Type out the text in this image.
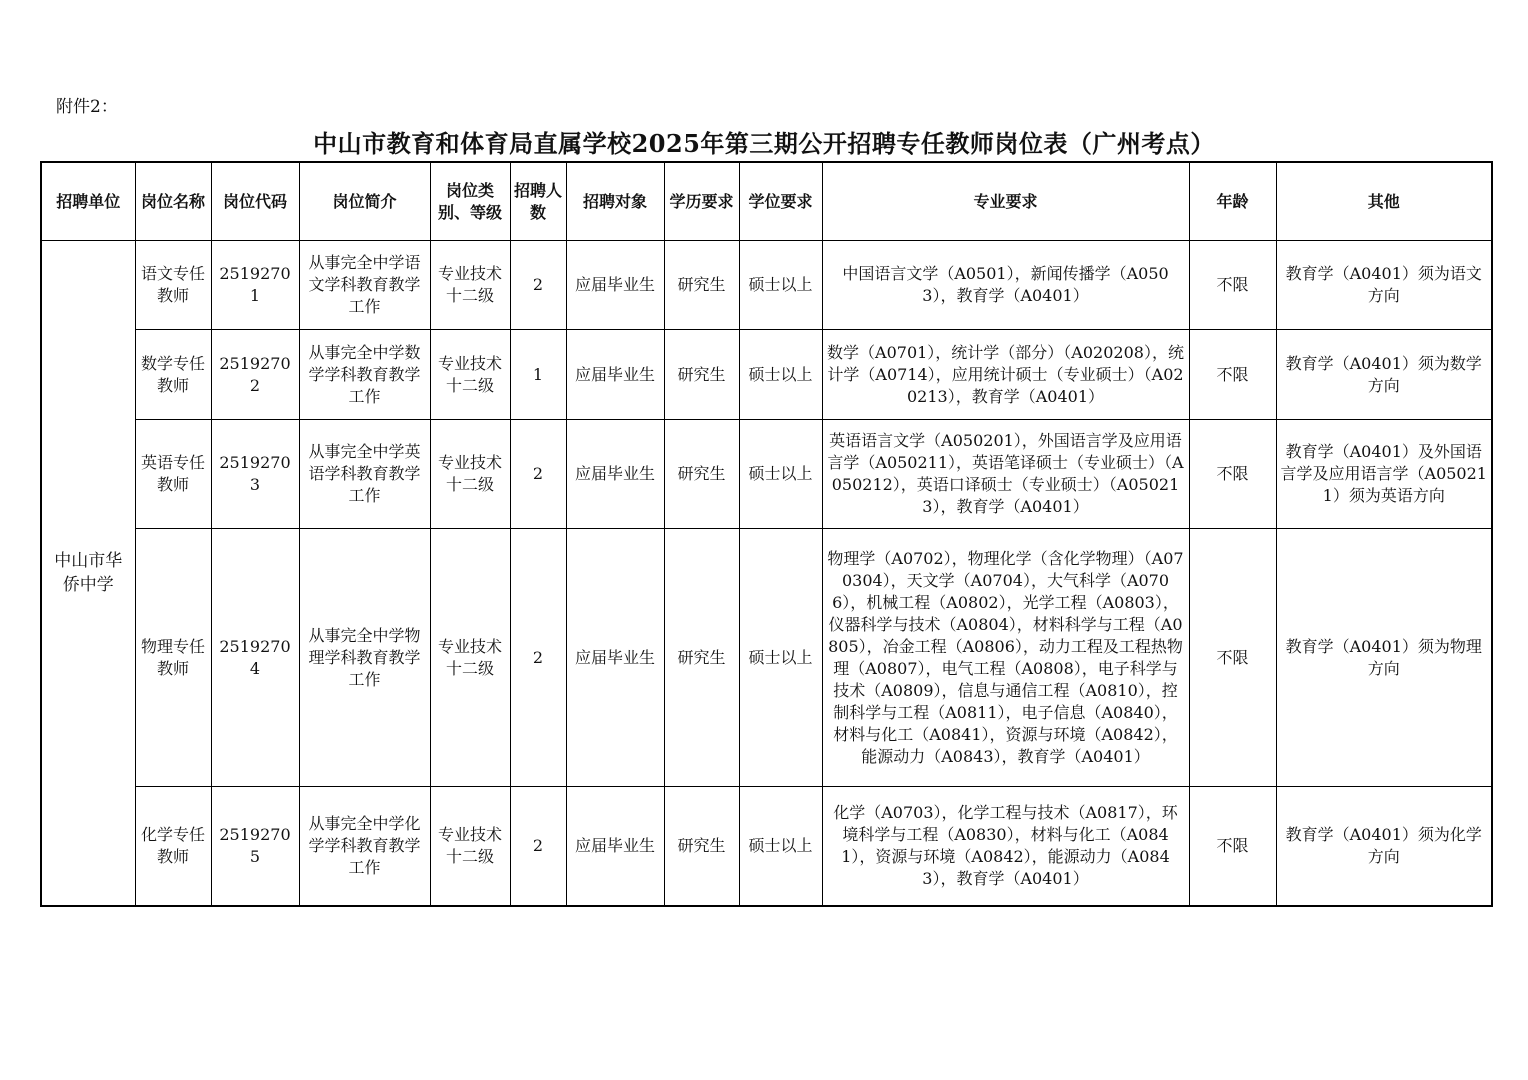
附件2：
中山市教育和体育局直属学校2025年第三期公开招聘专任教师岗位表（广州考点）
招聘单位	岗位名称	岗位代码	岗位简介	岗位类别、等级	招聘人数	招聘对象	学历要求	学位要求	专业要求	年龄	其他
中山市华侨中学	语文专任教师	25192701	从事完全中学语文学科教育教学工作	专业技术十二级	2	应届毕业生	研究生	硕士以上	中国语言文学（A0501），新闻传播学（A0503），教育学（A0401）	不限	教育学（A0401）须为语文方向
	数学专任教师	25192702	从事完全中学数学学科教育教学工作	专业技术十二级	1	应届毕业生	研究生	硕士以上	数学（A0701），统计学（部分）（A020208），统计学（A0714），应用统计硕士（专业硕士）（A020213），教育学（A0401）	不限	教育学（A0401）须为数学方向
	英语专任教师	25192703	从事完全中学英语学科教育教学工作	专业技术十二级	2	应届毕业生	研究生	硕士以上	英语语言文学（A050201），外国语言学及应用语言学（A050211），英语笔译硕士（专业硕士）（A050212），英语口译硕士（专业硕士）（A050213），教育学（A0401）	不限	教育学（A0401）及外国语言学及应用语言学（A050211）须为英语方向
	物理专任教师	25192704	从事完全中学物理学科教育教学工作	专业技术十二级	2	应届毕业生	研究生	硕士以上	物理学（A0702），物理化学（含化学物理）（A070304），天文学（A0704），大气科学（A0706），机械工程（A0802），光学工程（A0803），仪器科学与技术（A0804），材料科学与工程（A0805），冶金工程（A0806），动力工程及工程热物理（A0807），电气工程（A0808），电子科学与技术（A0809），信息与通信工程（A0810），控制科学与工程（A0811），电子信息（A0840），材料与化工（A0841），资源与环境（A0842），能源动力（A0843），教育学（A0401）	不限	教育学（A0401）须为物理方向
	化学专任教师	25192705	从事完全中学化学学科教育教学工作	专业技术十二级	2	应届毕业生	研究生	硕士以上	化学（A0703），化学工程与技术（A0817），环境科学与工程（A0830），材料与化工（A0841），资源与环境（A0842），能源动力（A0843），教育学（A0401）	不限	教育学（A0401）须为化学方向
